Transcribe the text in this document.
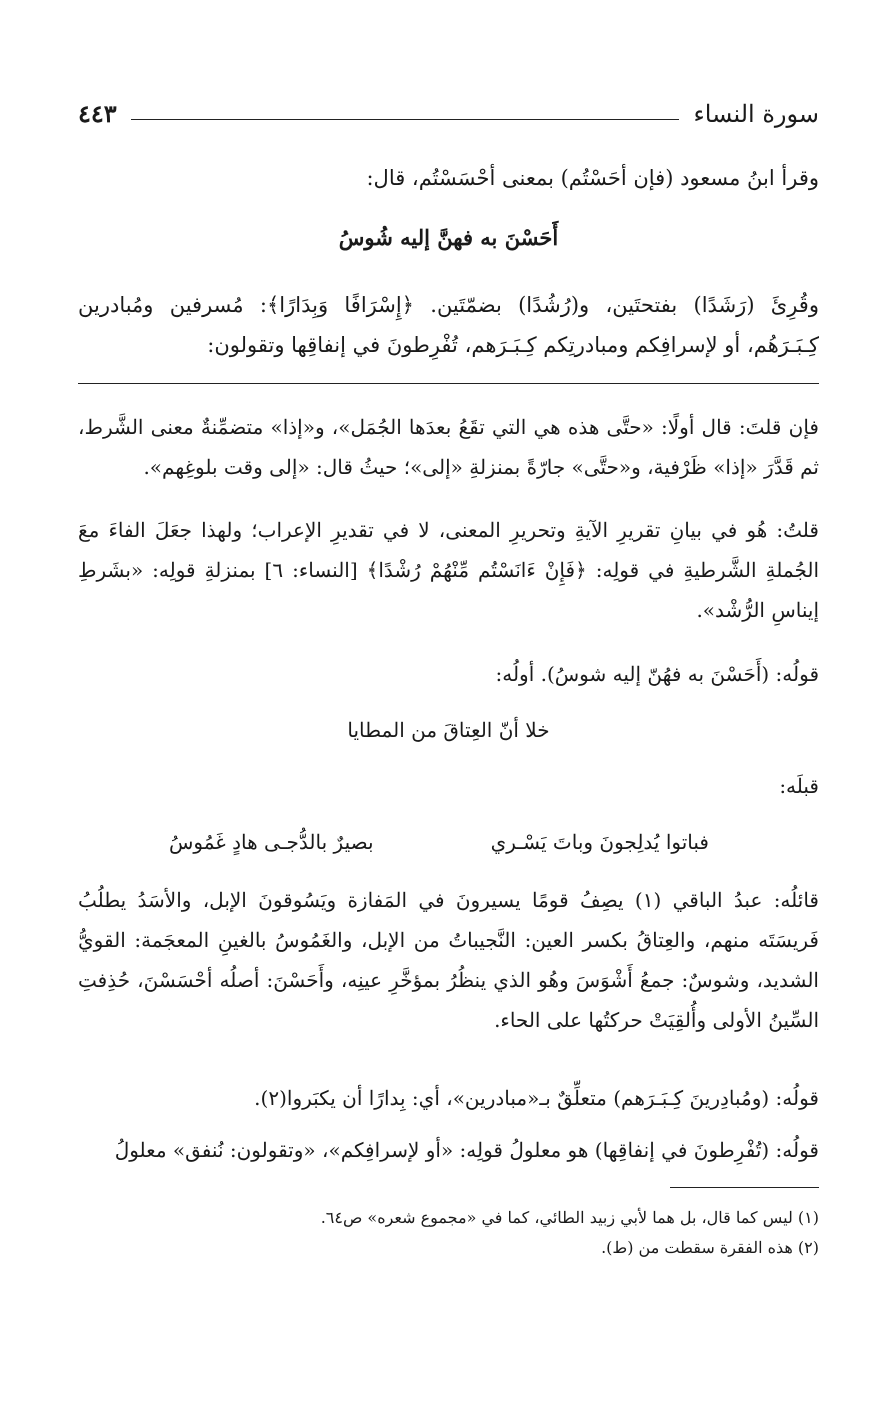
٤٤٣	سورة النساء

وقرأ ابنُ مسعود (فإن أحَسْتُم) بمعنى أحْسَسْتُم، قال:

أَحَسْنَ به فهنَّ إليه شُوسُ

وقُرِئَ (رَشَدًا) بفتحتَين، و(رُشُدًا) بضمّتَين. ﴿إِسْرَافًا وَبِدَارًا﴾: مُسرفين ومُبادرين كِـبَـرَهُم، أو لإسرافِكم ومبادرتِكم كِـبَـرَهم، تُفْرِطونَ في إنفاقِها وتقولون:

فإن قلتَ: قال أولًا: «حتَّى هذه هي التي تقَعُ بعدَها الجُمَل»، و«إذا» متضمِّنةٌ معنى الشَّرط، ثم قَدَّرَ «إذا» ظَرْفية، و«حتَّى» جارّةً بمنزلةِ «إلى»؛ حيثُ قال: «إلى وقت بلوغِهم».

قلتُ: هُو في بيانِ تقريرِ الآيةِ وتحريرِ المعنى، لا في تقديرِ الإعراب؛ ولهذا جعَلَ الفاءَ معَ الجُملةِ الشَّرطيةِ في قولِه: ﴿فَإِنْ ءَانَسْتُم مِّنْهُمْ رُشْدًا﴾ [النساء: ٦] بمنزلةِ قولِه: «بشَرطِ إيناسِ الرُّشْد».

قولُه: (أَحَسْنَ به فهُنّ إليه شوسُ). أولُه:

خلا أنّ العِتاقَ من المطايا

قبلَه:

فباتوا يُدلِجونَ وباتَ يَسْـري
بصيرٌ بالدُّجـى هادٍ غَمُوسُ

قائلُه: عبدُ الباقي (١) يصِفُ قومًا يسيرونَ في المَفازة ويَسُوقونَ الإبل، والأسَدُ يطلُبُ فَريسَتَه منهم، والعِتاقُ بكسر العين: النَّجيباتُ من الإبل، والغَمُوسُ بالغينِ المعجَمة: القويُّ الشديد، وشوسٌ: جمعُ أَشْوَسَ وهُو الذي ينظُرُ بمؤخَّرِ عينِه، وأَحَسْنَ: أصلُه أحْسَسْنَ، حُذِفتِ السِّينُ الأولى وأُلقِيَتْ حركتُها على الحاء.

قولُه: (ومُبادِرينَ كِـبَـرَهم) متعلِّقٌ بـ«مبادرين»، أي: بِدارًا أن يكبَروا(٢).

قولُه: (تُفْرِطونَ في إنفاقِها) هو معلولُ قولِه: «أو لإسرافِكم»، «وتقولون: نُنفق» معلولُ

(١) ليس كما قال، بل هما لأبي زبيد الطائي، كما في «مجموع شعره» ص٦٤.

(٢) هذه الفقرة سقطت من (ط).
